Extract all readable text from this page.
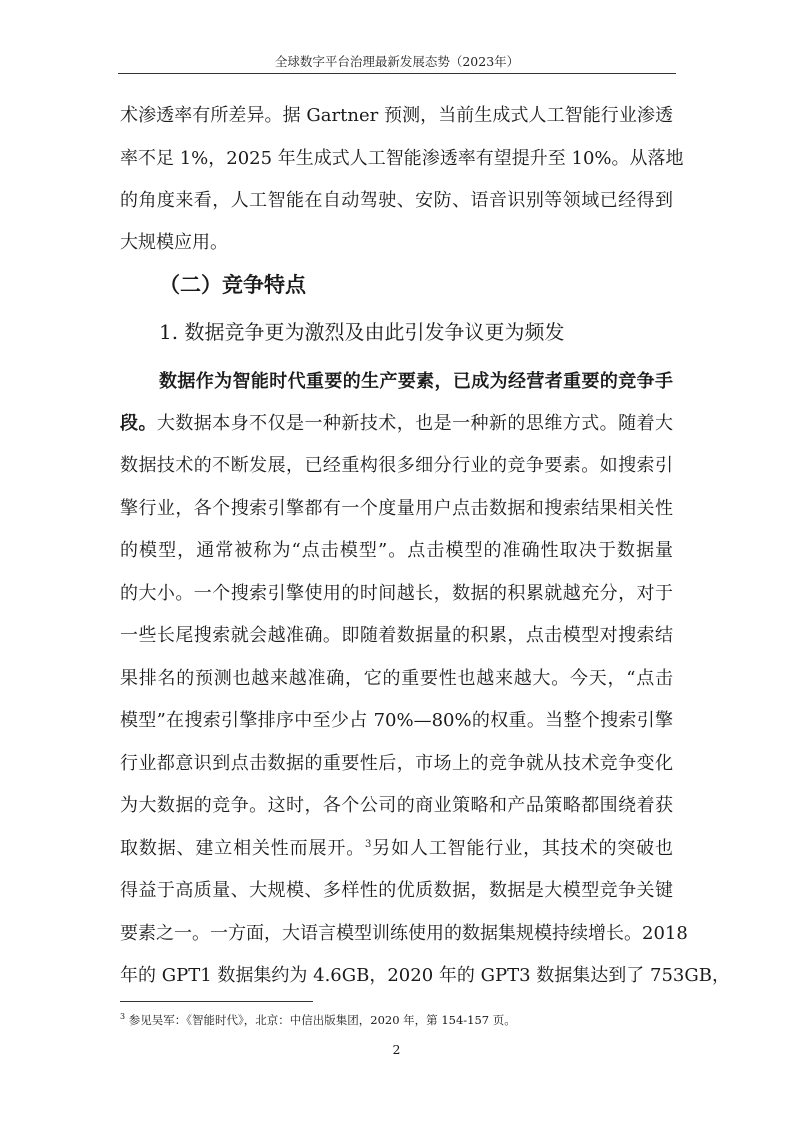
全球数字平台治理最新发展态势（2023年）
术渗透率有所差异。据 Gartner 预测，当前生成式人工智能行业渗透
率不足 1%，2025 年生成式人工智能渗透率有望提升至 10%。从落地
的角度来看，人工智能在自动驾驶、安防、语音识别等领域已经得到
大规模应用。
（二）竞争特点
1. 数据竞争更为激烈及由此引发争议更为频发
数据作为智能时代重要的生产要素，已成为经营者重要的竞争手
段。大数据本身不仅是一种新技术，也是一种新的思维方式。随着大
数据技术的不断发展，已经重构很多细分行业的竞争要素。如搜索引
擎行业，各个搜索引擎都有一个度量用户点击数据和搜索结果相关性
的模型，通常被称为“点击模型”。点击模型的准确性取决于数据量
的大小。一个搜索引擎使用的时间越长，数据的积累就越充分，对于
一些长尾搜索就会越准确。即随着数据量的积累，点击模型对搜索结
果排名的预测也越来越准确，它的重要性也越来越大。今天，“点击
模型”在搜索引擎排序中至少占 70%—80%的权重。当整个搜索引擎
行业都意识到点击数据的重要性后，市场上的竞争就从技术竞争变化
为大数据的竞争。这时，各个公司的商业策略和产品策略都围绕着获
取数据、建立相关性而展开。$^3$另如人工智能行业，其技术的突破也
得益于高质量、大规模、多样性的优质数据，数据是大模型竞争关键
要素之一。一方面，大语言模型训练使用的数据集规模持续增长。2018
年的 GPT1 数据集约为 4.6GB，2020 年的 GPT3 数据集达到了 753GB，
$^3$ 参见吴军：《智能时代》，北京：中信出版集团，2020 年，第 154-157 页。
2
